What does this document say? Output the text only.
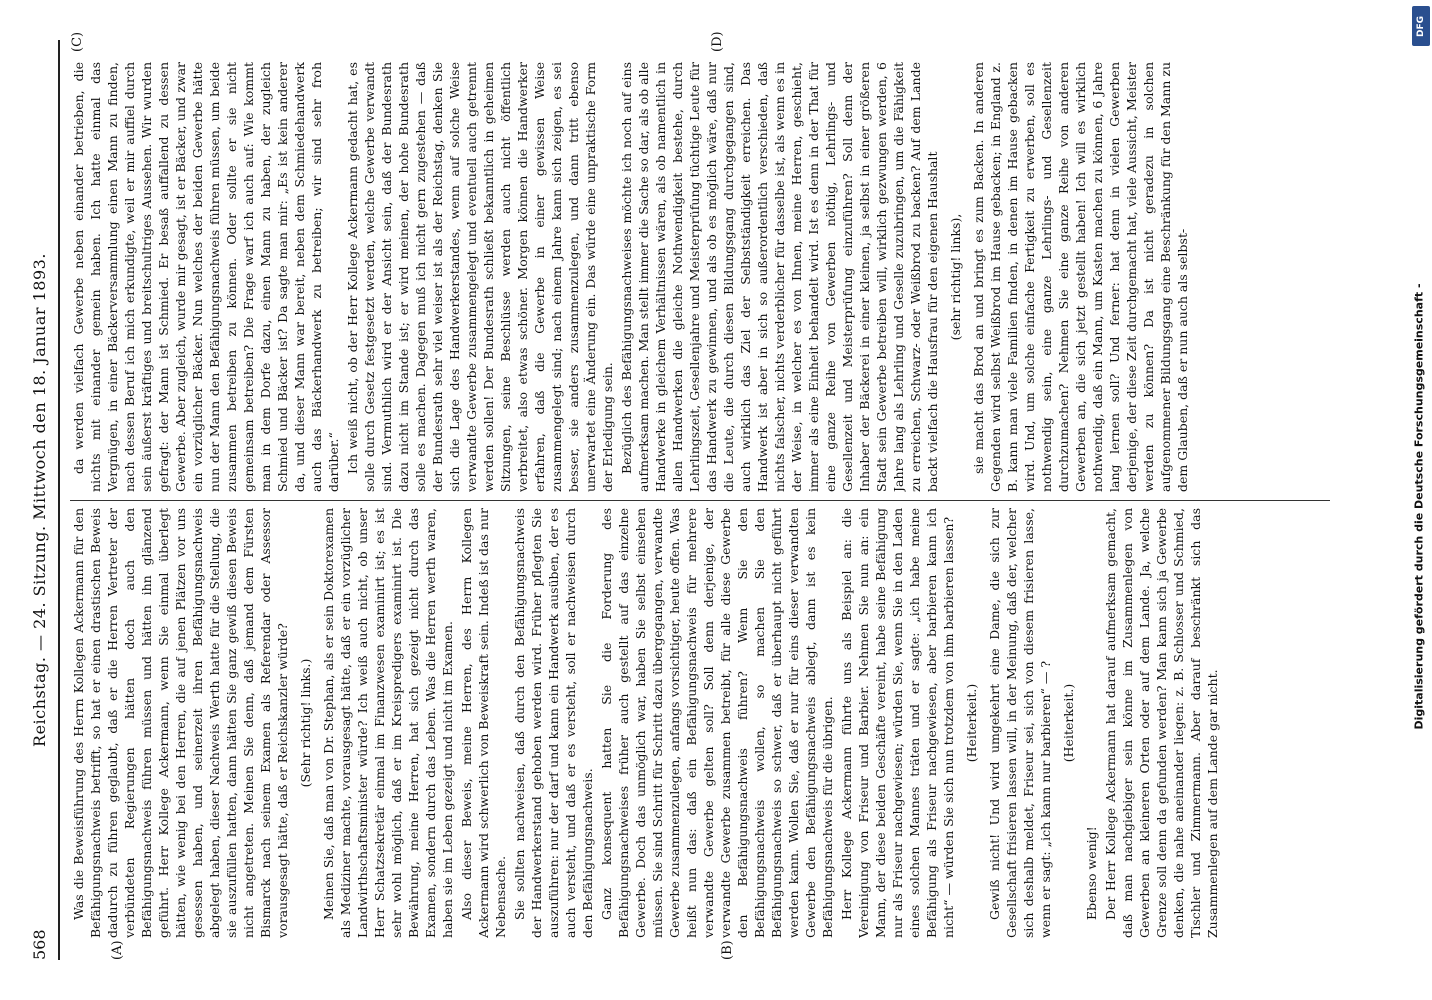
568
Reichstag. — 24. Sitzung. Mittwoch den 18. Januar 1893.
(A)	(B)
(C)	(D)

Was die Beweisführung des Herrn Kollegen Ackermann für den Befähigungsnachweis betrifft, so hat er einen drastischen Beweis dadurch zu führen geglaubt, daß er die Herren Vertreter der verbündeten Regierungen hätten doch auch den Befähigungsnachweis führen müssen und hätten ihn glänzend geführt. Herr Kollege Ackermann, wenn Sie einmal überlegt hätten, wie wenig bei den Herren, die auf jenen Plätzen vor uns gesessen haben, und seinerzeit ihren Befähigungsnachweis abgelegt haben, dieser Nachweis Werth hatte für die Stellung, die sie auszufüllen hatten, dann hätten Sie ganz gewiß diesen Beweis nicht angetreten. Meinen Sie denn, daß jemand dem Fürsten Bismarck nach seinem Examen als Referendar oder Assessor vorausgesagt hätte, daß er Reichskanzler würde? (Sehr richtig! links.) Meinen Sie, daß man von Dr. Stephan, als er sein Doktorexamen als Mediziner machte, vorausgesagt hätte, daß er ein vorzüglicher Landwirthschaftsminister würde? Ich weiß auch nicht, ob unser Herr Schatzsekretär einmal im Finanzwesen examinirt ist; es ist sehr wohl möglich, daß er im Kreispredigers examinirt ist. Die Bewährung, meine Herren, hat sich gezeigt nicht durch das Examen, sondern durch das Leben. Was die Herren werth waren, haben sie im Leben gezeigt und nicht im Examen. Also dieser Beweis, meine Herren, des Herrn Kollegen Ackermann wird schwerlich von Beweiskraft sein. Indeß ist das nur Nebensache. Sie sollten nachweisen, daß durch den Befähigungsnachweis der Handwerkerstand gehoben werden wird. Früher pflegten Sie auszuführen: nur der darf und kann ein Handwerk ausüben, der es auch versteht, und daß er es versteht, soll er nachweisen durch den Befähigungsnachweis. Ganz konsequent hatten Sie die Forderung des Befähigungsnachweises früher auch gestellt auf das einzelne Gewerbe. Doch das unmöglich war, haben Sie selbst einsehen müssen. Sie sind Schritt für Schritt dazu übergegangen, verwandte Gewerbe zusammenzulegen, anfangs vorsichtiger, heute offen. Was heißt nun das: daß ein Befähigungsnachweis für mehrere verwandte Gewerbe gelten soll? Soll denn derjenige, der verwandte Gewerbe zusammen betreibt, für alle diese Gewerbe den Befähigungsnachweis führen? Wenn Sie den Befähigungsnachweis wollen, so machen Sie den Befähigungsnachweis so schwer, daß er überhaupt nicht geführt werden kann. Wollen Sie, daß er nur für eins dieser verwandten Gewerbe den Befähigungsnachweis ablegt, dann ist es kein Befähigungsnachweis für die übrigen. Herr Kollege Ackermann führte uns als Beispiel an: die Vereinigung von Friseur und Barbier. Nehmen Sie nun an: ein Mann, der diese beiden Geschäfte vereint, habe seine Befähigung nur als Friseur nachgewiesen; würden Sie, wenn Sie in den Laden eines solchen Mannes träten und er sagte: „ich habe meine Befähigung als Friseur nachgewiesen, aber barbieren kann ich nicht“ — würden Sie sich nun trotzdem von ihm barbieren lassen? (Heiterkeit.) Gewiß nicht! Und wird umgekehrt eine Dame, die sich zur Gesellschaft frisieren lassen will, in der Meinung, daß der, welcher sich deshalb meldet, Friseur sei, sich von diesem frisieren lasse, wenn er sagt: „ich kann nur barbieren“ — ? (Heiterkeit.)

Ebenso wenig! Der Herr Kollege Ackermann hat darauf aufmerksam gemacht, daß man nachgiebiger sein könne im Zusammenlegen von Gewerben an kleineren Orten oder auf dem Lande. Ja, welche Grenze soll denn da gefunden werden? Man kann sich ja Gewerbe denken, die nahe aneinander liegen: z. B. Schlosser und Schmied, Tischler und Zimmermann. Aber darauf beschränkt sich das Zusammenlegen auf dem Lande gar nicht.

da werden vielfach Gewerbe neben einander betrieben, die nichts mit einander gemein haben. Ich hatte einmal das Vergnügen, in einer Bäckerversammlung einen Mann zu finden, nach dessen Beruf ich mich erkundigte, weil er mir auffiel durch sein äußerst kräftiges und breitschultriges Aussehen. Wir wurden gefragt: der Mann ist Schmied. Er besaß auffallend zu dessen Gewerbe. Aber zugleich, wurde mir gesagt, ist er Bäcker, und zwar ein vorzüglicher Bäcker. Nun welches der beiden Gewerbe hätte nun der Mann den Befähigungsnachweis führen müssen, um beide zusammen betreiben zu können. Oder sollte er sie nicht gemeinsam betreiben? Die Frage warf ich auch auf: Wie kommt man in dem Dorfe dazu, einen Mann zu haben, der zugleich Schmied und Bäcker ist? Da sagte man mir: „Es ist kein anderer da, und dieser Mann war bereit, neben dem Schmiedehandwerk auch das Bäckerhandwerk zu betreiben; wir sind sehr froh darüber.“ Ich weiß nicht, ob der Herr Kollege Ackermann gedacht hat, es solle durch Gesetz festgesetzt werden, welche Gewerbe verwandt sind. Vermuthlich wird er der Ansicht sein, daß der Bundesrath dazu nicht im Stande ist; er wird meinen, der hohe Bundesrath solle es machen. Dagegen muß ich nicht gern zugestehen — daß der Bundesrath sehr viel weiser ist als der Reichstag, denken Sie sich die Lage des Handwerkerstandes, wenn auf solche Weise verwandte Gewerbe zusammengelegt und eventuell auch getrennt werden sollen! Der Bundesrath schließt bekanntlich in geheimen Sitzungen, seine Beschlüsse werden auch nicht öffentlich verbreitet, also etwas schöner. Morgen können die Handwerker erfahren, daß die Gewerbe in einer gewissen Weise zusammengelegt sind; nach einem Jahre kann sich zeigen, es sei besser, sie anders zusammenzulegen, und dann tritt ebenso unerwartet eine Änderung ein. Das würde eine unpraktische Form der Erledigung sein. Bezüglich des Befähigungsnachweises möchte ich noch auf eins aufmerksam machen. Man stellt immer die Sache so dar, als ob alle Handwerke in gleichem Verhältnissen wären, als ob namentlich in allen Handwerken die gleiche Nothwendigkeit bestehe, durch Lehrlingszeit, Gesellenjahre und Meisterprüfung tüchtige Leute für das Handwerk zu gewinnen, und als ob es möglich wäre, daß nur die Leute, die durch diesen Bildungsgang durchgegangen sind, auch wirklich das Ziel der Selbstständigkeit erreichen. Das Handwerk ist aber in sich so außerordentlich verschieden, daß nichts falscher, nichts verderblicher für dasselbe ist, als wenn es in der Weise, in welcher es von Ihnen, meine Herren, geschieht, immer als eine Einheit behandelt wird. Ist es denn in der That für eine ganze Reihe von Gewerben nöthig, Lehrlings- und Gesellenzeit und Meisterprüfung einzuführen? Soll denn der Inhaber der Bäckerei in einer kleinen, ja selbst in einer größeren Stadt sein Gewerbe betreiben will, wirklich gezwungen werden, 6 Jahre lang als Lehrling und Geselle zuzubringen, um die Fähigkeit zu erreichen, Schwarz- oder Weißbrod zu backen? Auf dem Lande backt vielfach die Hausfrau für den eigenen Haushalt (sehr richtig! links), sie macht das Brod an und bringt es zum Backen. In anderen Gegenden wird selbst Weißbrod im Hause gebacken; in England z. B. kann man viele Familien finden, in denen im Hause gebacken wird. Und, um solche einfache Fertigkeit zu erwerben, soll es nothwendig sein, eine ganze Lehrlings- und Gesellenzeit durchzumachen? Nehmen Sie eine ganze Reihe von anderen Gewerben an, die sich jetzt gestellt haben! Ich will es wirklich nothwendig, daß ein Mann, um Kasten machen zu können, 6 Jahre lang lernen soll? Und ferner: hat denn in vielen Gewerben derjenige, der diese Zeit durchgemacht hat, viele Aussicht, Meister werden zu können? Da ist nicht geradezu in solchen aufgenommener Bildungsgang eine Beschränkung für den Mann zu dem Glauben, daß er nun auch als selbst-

DFG
Digitalisierung gefördert durch die Deutsche Forschungsgemeinschaft -
